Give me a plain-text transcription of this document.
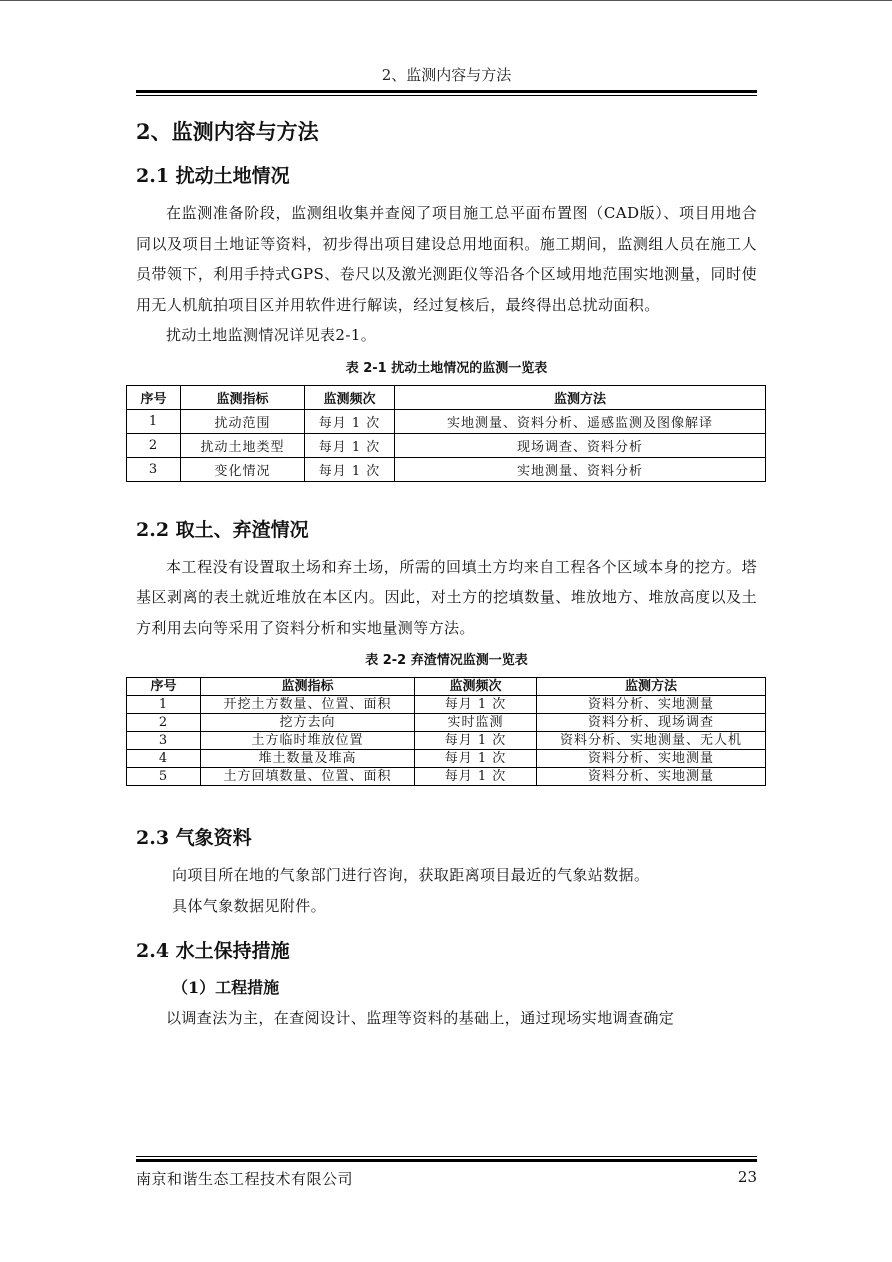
2、监测内容与方法
2、监测内容与方法
2.1 扰动土地情况

在监测准备阶段，监测组收集并查阅了项目施工总平面布置图（CAD版）、项目用地合同以及项目土地证等资料，初步得出项目建设总用地面积。施工期间，监测组人员在施工人员带领下，利用手持式GPS、卷尺以及激光测距仪等沿各个区域用地范围实地测量，同时使用无人机航拍项目区并用软件进行解读，经过复核后，最终得出总扰动面积。

扰动土地监测情况详见表2-1。

表 2-1 扰动土地情况的监测一览表
序号	监测指标	监测频次	监测方法
1	扰动范围	每月 1 次	实地测量、资料分析、遥感监测及图像解译
2	扰动土地类型	每月 1 次	现场调查、资料分析
3	变化情况	每月 1 次	实地测量、资料分析
2.2 取土、弃渣情况

本工程没有设置取土场和弃土场，所需的回填土方均来自工程各个区域本身的挖方。塔基区剥离的表土就近堆放在本区内。因此，对土方的挖填数量、堆放地方、堆放高度以及土方利用去向等采用了资料分析和实地量测等方法。

表 2-2 弃渣情况监测一览表
序号	监测指标	监测频次	监测方法
1	开挖土方数量、位置、面积	每月 1 次	资料分析、实地测量
2	挖方去向	实时监测	资料分析、现场调查
3	土方临时堆放位置	每月 1 次	资料分析、实地测量、无人机
4	堆土数量及堆高	每月 1 次	资料分析、实地测量
5	土方回填数量、位置、面积	每月 1 次	资料分析、实地测量
2.3 气象资料

向项目所在地的气象部门进行咨询，获取距离项目最近的气象站数据。

具体气象数据见附件。

2.4 水土保持措施
（1）工程措施

以调查法为主，在查阅设计、监理等资料的基础上，通过现场实地调查确定

南京和谐生态工程技术有限公司	23
